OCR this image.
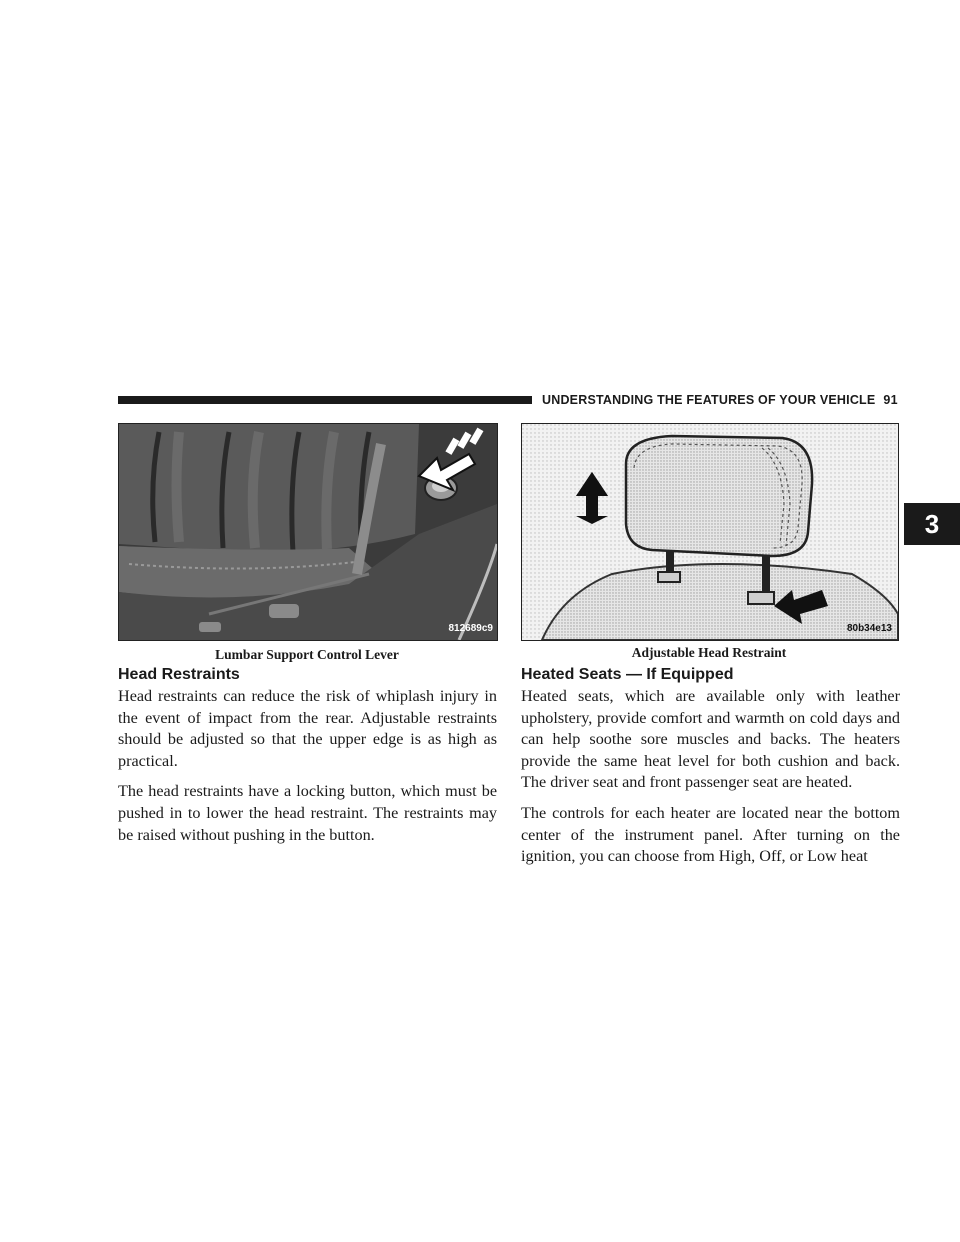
UNDERSTANDING THE FEATURES OF YOUR VEHICLE 91
3
812689c9
Lumbar Support Control Lever
80b34e13
Adjustable Head Restraint
Head Restraints

Head restraints can reduce the risk of whiplash injury in the event of impact from the rear. Adjustable restraints should be adjusted so that the upper edge is as high as practical.

The head restraints have a locking button, which must be pushed in to lower the head restraint. The restraints may be raised without pushing in the button.

Heated Seats — If Equipped

Heated seats, which are available only with leather upholstery, provide comfort and warmth on cold days and can help soothe sore muscles and backs. The heaters provide the same heat level for both cushion and back. The driver seat and front passenger seat are heated.

The controls for each heater are located near the bottom center of the instrument panel. After turning on the ignition, you can choose from High, Off, or Low heat
